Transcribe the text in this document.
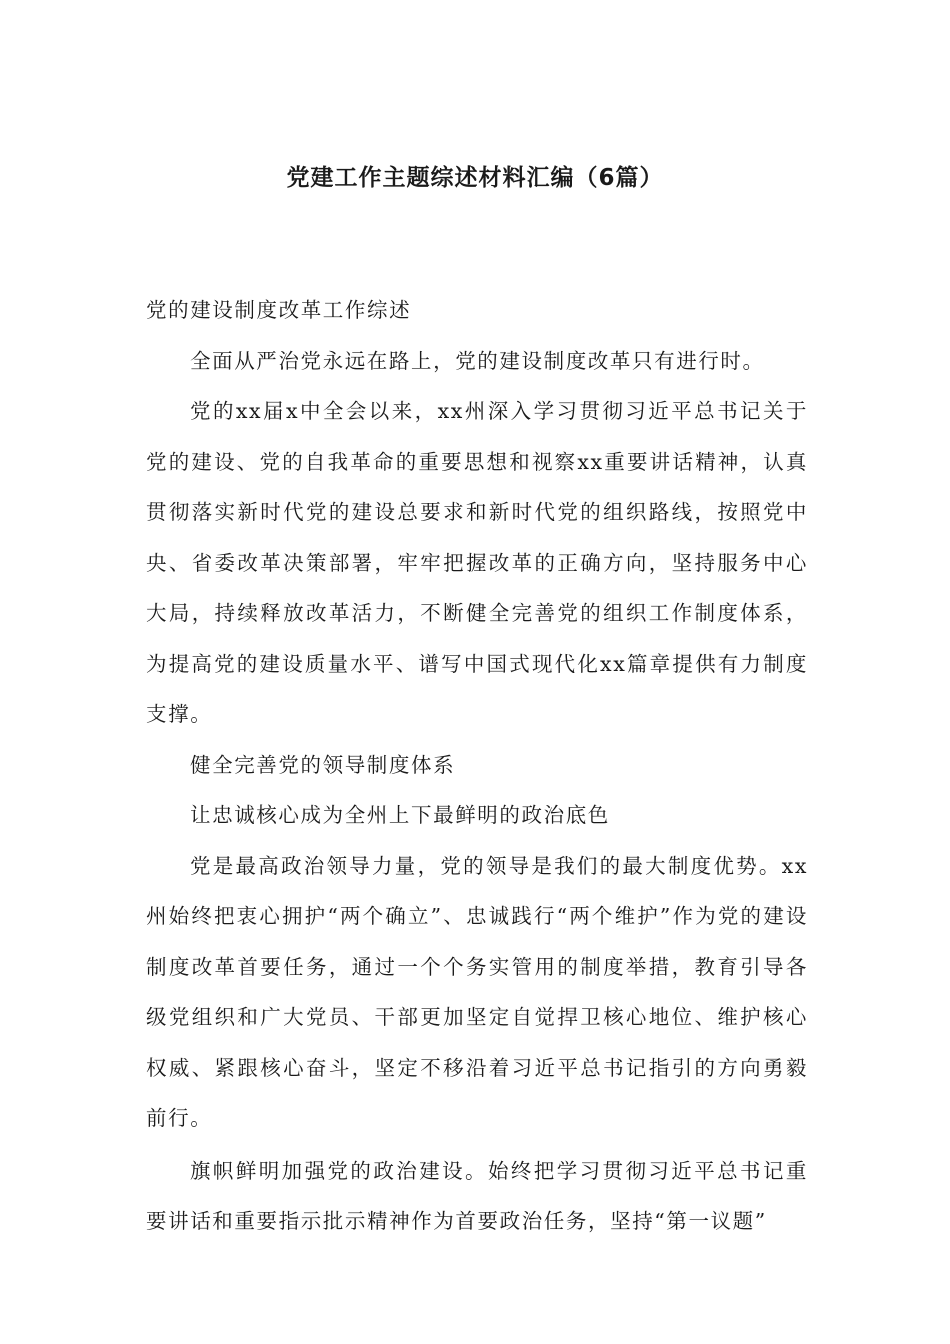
党建工作主题综述材料汇编（6篇）

党的建设制度改革工作综述

全面从严治党永远在路上，党的建设制度改革只有进行时。

党的xx届x中全会以来，xx州深入学习贯彻习近平总书记关于党的建设、党的自我革命的重要思想和视察xx重要讲话精神，认真贯彻落实新时代党的建设总要求和新时代党的组织路线，按照党中央、省委改革决策部署，牢牢把握改革的正确方向，坚持服务中心大局，持续释放改革活力，不断健全完善党的组织工作制度体系，为提高党的建设质量水平、谱写中国式现代化xx篇章提供有力制度支撑。

健全完善党的领导制度体系

让忠诚核心成为全州上下最鲜明的政治底色

党是最高政治领导力量，党的领导是我们的最大制度优势。xx州始终把衷心拥护“两个确立”、忠诚践行“两个维护”作为党的建设制度改革首要任务，通过一个个务实管用的制度举措，教育引导各级党组织和广大党员、干部更加坚定自觉捍卫核心地位、维护核心权威、紧跟核心奋斗，坚定不移沿着习近平总书记指引的方向勇毅前行。

旗帜鲜明加强党的政治建设。始终把学习贯彻习近平总书记重要讲话和重要指示批示精神作为首要政治任务，坚持“第一议题”
